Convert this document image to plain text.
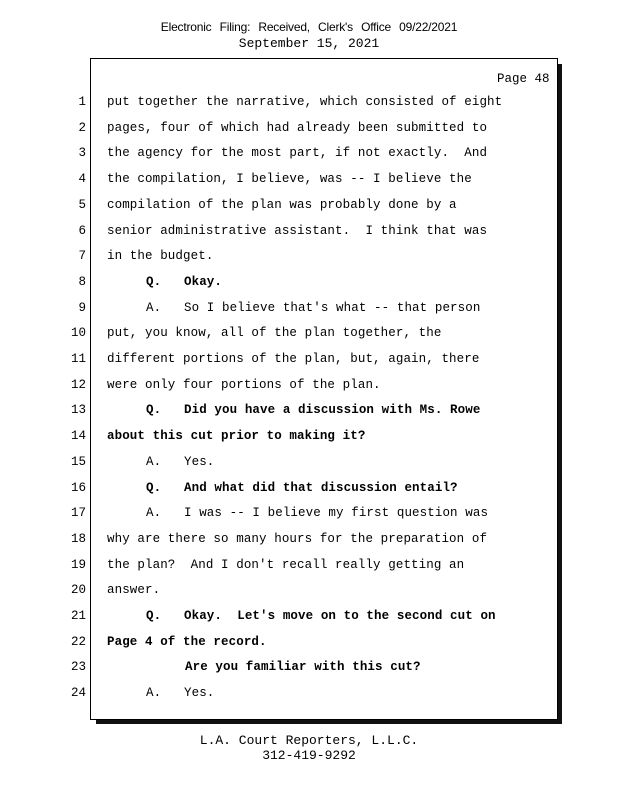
Electronic Filing: Received, Clerk's Office 09/22/2021
September 15, 2021
Page 48
1 put together the narrative, which consisted of eight
2 pages, four of which had already been submitted to
3 the agency for the most part, if not exactly.  And
4 the compilation, I believe, was -- I believe the
5 compilation of the plan was probably done by a
6 senior administrative assistant.  I think that was
7 in the budget.
8	Q.   Okay.
9	A.   So I believe that's what -- that person
10 put, you know, all of the plan together, the
11 different portions of the plan, but, again, there
12 were only four portions of the plan.
13	Q.   Did you have a discussion with Ms. Rowe
14 about this cut prior to making it?
15	A.   Yes.
16	Q.   And what did that discussion entail?
17	A.   I was -- I believe my first question was
18 why are there so many hours for the preparation of
19 the plan?  And I don't recall really getting an
20 answer.
21	Q.   Okay.  Let's move on to the second cut on
22 Page 4 of the record.
23	Are you familiar with this cut?
24	A.   Yes.
L.A. Court Reporters, L.L.C.
312-419-9292
